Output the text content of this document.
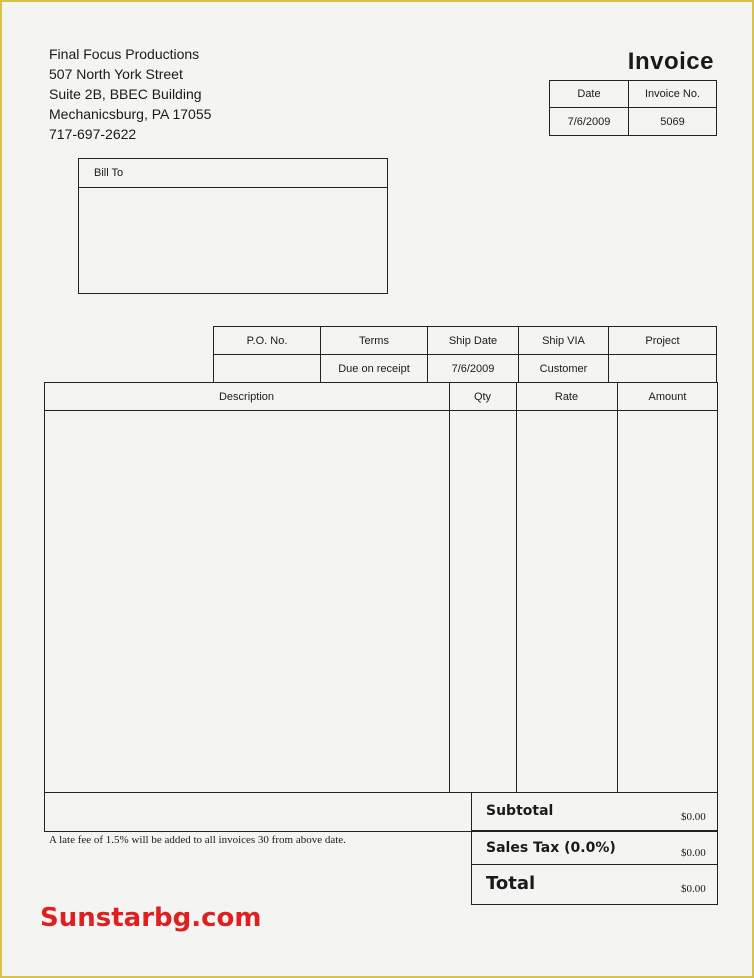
Final Focus Productions
507 North York Street
Suite 2B, BBEC Building
Mechanicsburg, PA 17055
717-697-2622
Invoice
Date	Invoice No.
7/6/2009	5069
Bill To
P.O. No.	Terms	Ship Date	Ship VIA	Project
	Due on receipt	7/6/2009	Customer	
Description	Qty	Rate	Amount
A late fee of 1.5% will be added to all invoices 30 from above date.
Subtotal	$0.00
Sales Tax (0.0%)	$0.00
Total	$0.00
Sunstarbg.com
